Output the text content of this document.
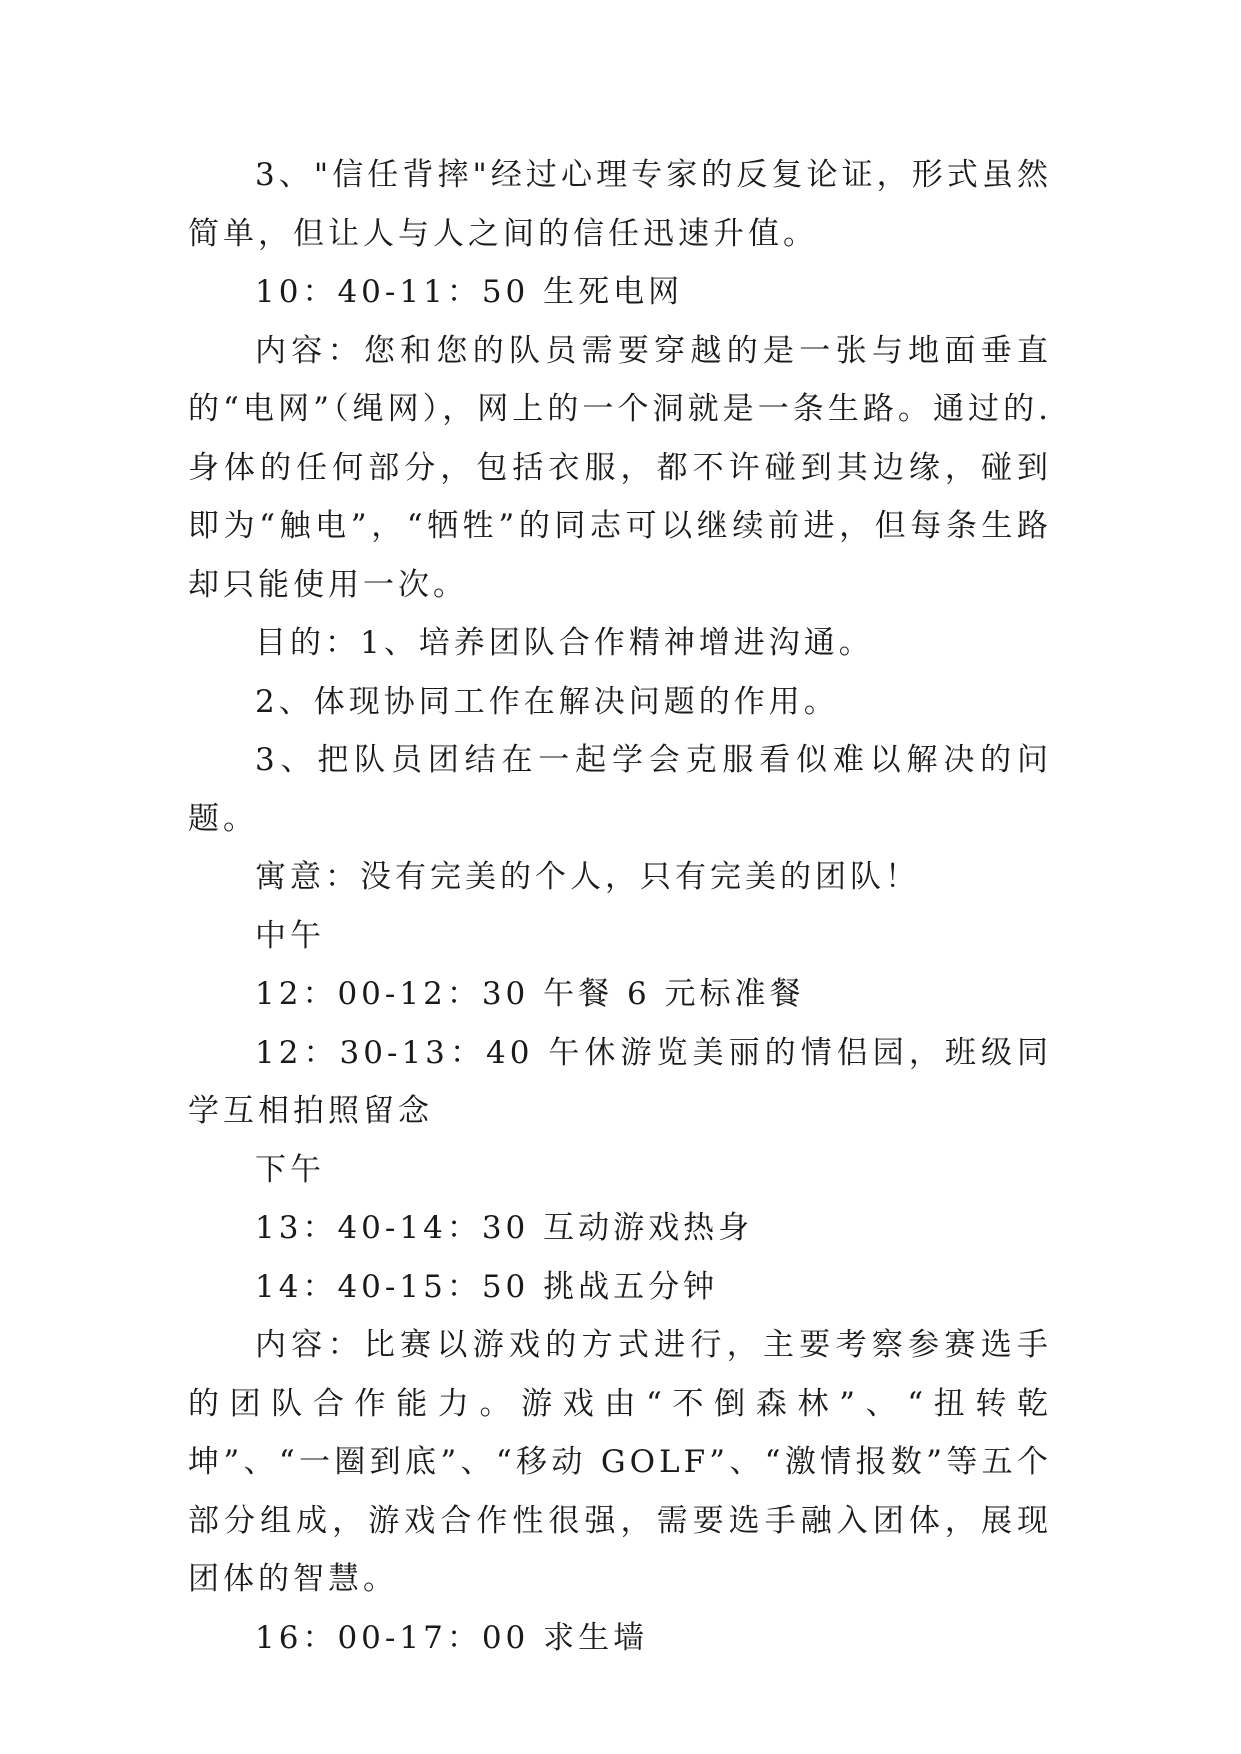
3、"信任背摔"经过心理专家的反复论证，形式虽然简单，但让人与人之间的信任迅速升值。

10：40-11：50 生死电网

内容：您和您的队员需要穿越的是一张与地面垂直的“电网”（绳网），网上的一个洞就是一条生路。通过的.身体的任何部分，包括衣服，都不许碰到其边缘，碰到即为“触电”，“牺牲”的同志可以继续前进，但每条生路却只能使用一次。

目的：1、培养团队合作精神增进沟通。

2、体现协同工作在解决问题的作用。

3、把队员团结在一起学会克服看似难以解决的问题。

寓意：没有完美的个人，只有完美的团队！

中午

12：00-12：30 午餐 6 元标准餐

12：30-13：40 午休游览美丽的情侣园，班级同学互相拍照留念

下午

13：40-14：30 互动游戏热身

14：40-15：50 挑战五分钟

内容：比赛以游戏的方式进行，主要考察参赛选手的团队合作能力。游戏由“不倒森林”、“扭转乾坤”、“一圈到底”、“移动 GOLF”、“激情报数”等五个部分组成，游戏合作性很强，需要选手融入团体，展现团体的智慧。

16：00-17：00 求生墙
